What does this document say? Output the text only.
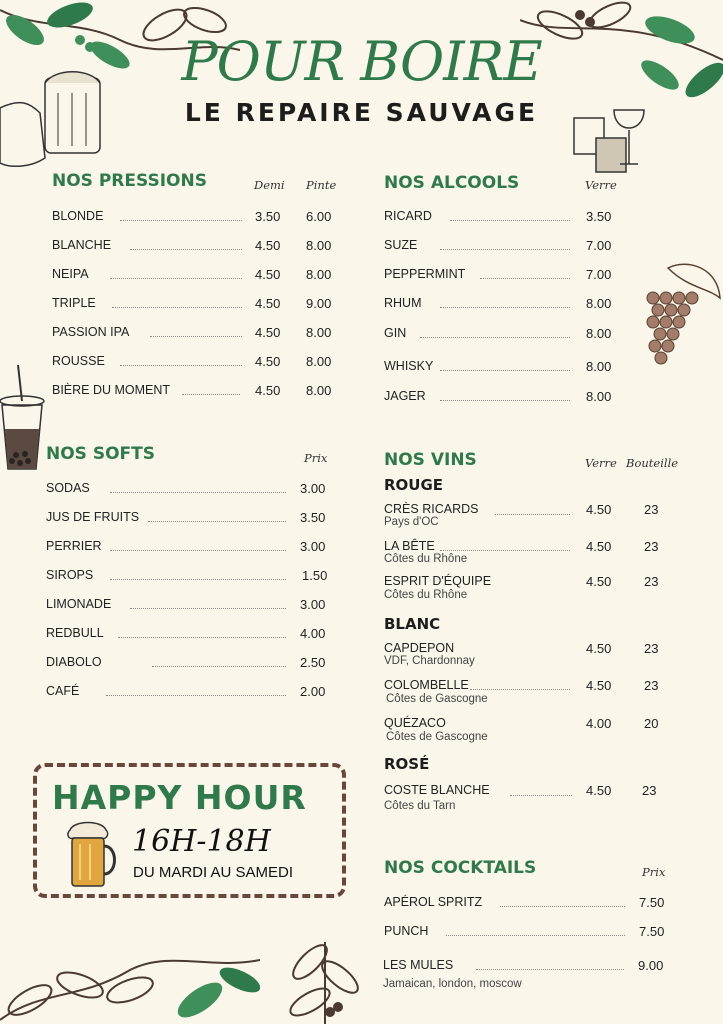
POUR BOIRE
LE REPAIRE SAUVAGE
NOS PRESSIONS	Demi Pinte
BLONDE	3.50 6.00
BLANCHE	4.50 8.00
NEIPA	4.50 8.00
TRIPLE	4.50 9.00
PASSION IPA	4.50 8.00
ROUSSE	4.50 8.00
BIÈRE DU MOMENT	4.50 8.00
NOS ALCOOLS	Verre
RICARD	3.50
SUZE	7.00
PEPPERMINT	7.00
RHUM	8.00
GIN	8.00
WHISKY	8.00
JAGER	8.00
NOS SOFTS	Prix
SODAS	3.00
JUS DE FRUITS	3.50
PERRIER	3.00
SIROPS	1.50
LIMONADE	3.00
REDBULL	4.00
DIABOLO	2.50
CAFÉ	2.00
NOS VINS	Verre Bouteille
ROUGE
CRÈS RICARDS
Pays d'OC
4.50	23
LA BÊTE
Côtes du Rhône
4.50	23
ESPRIT D'ÉQUIPE
Côtes du Rhône
4.50	23
BLANC
CAPDEPON
VDF, Chardonnay
4.50	23
COLOMBELLE
Côtes de Gascogne
4.50	23
QUÉZACO
Côtes de Gascogne
4.00	20
ROSÉ
COSTE BLANCHE
Côtes du Tarn
4.50 23
HAPPY HOUR
16H-18H
DU MARDI AU SAMEDI	NOS COCKTAILS	Prix
APÉROL SPRITZ	7.50
PUNCH	7.50
LES MULES
Jamaican, london, moscow
9.00
